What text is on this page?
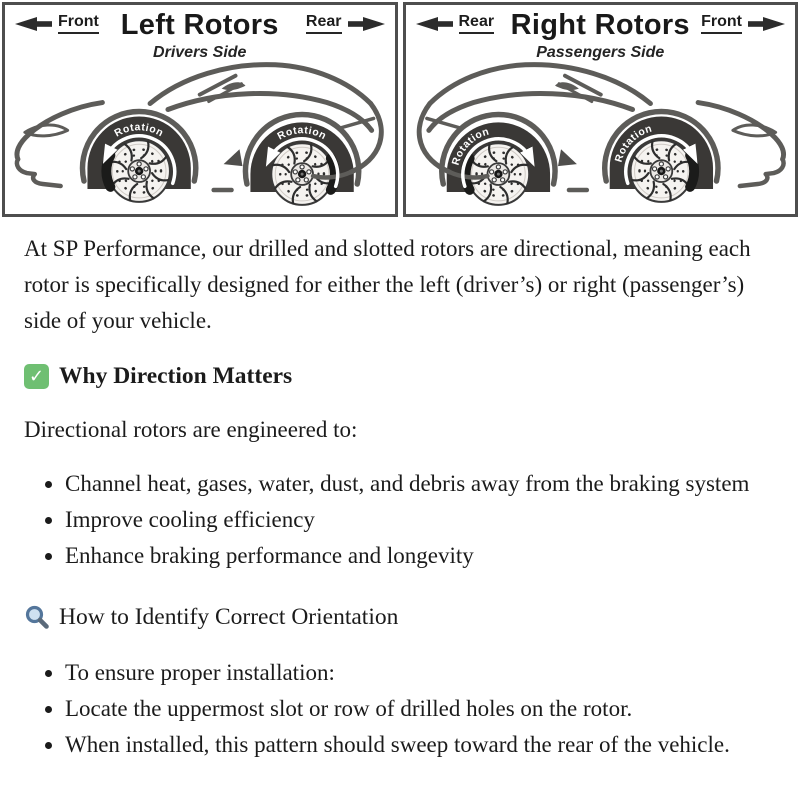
Front	Rear
Left Rotors
Drivers Side
Rotation	Rotation
Rear	Front
Right Rotors
Passengers Side
Rotation
Rotation

At SP Performance, our drilled and slotted rotors are directional, meaning each rotor is specifically designed for either the left (driver’s) or right (passenger’s) side of your vehicle.

✓ Why Direction Matters

Directional rotors are engineered to:

• Channel heat, gases, water, dust, and debris away from the braking system
• Improve cooling efficiency
• Enhance braking performance and longevity
How to Identify Correct Orientation
• To ensure proper installation:
• Locate the uppermost slot or row of drilled holes on the rotor.
• When installed, this pattern should sweep toward the rear of the vehicle.
